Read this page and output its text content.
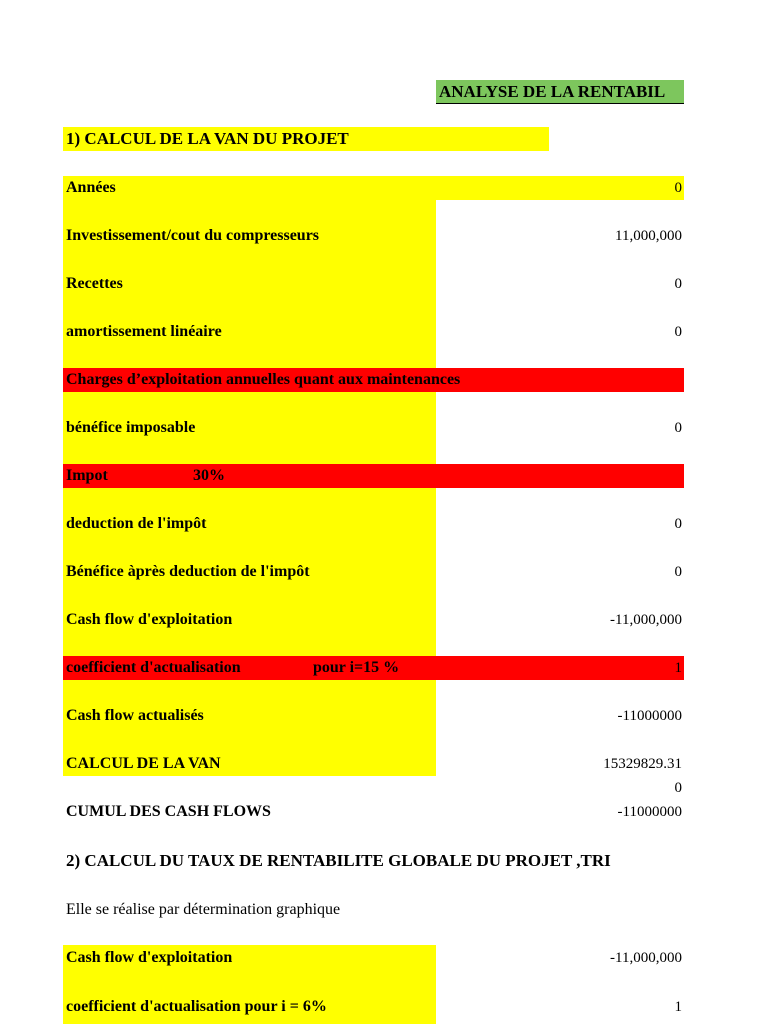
ANALYSE DE LA RENTABIL
1) CALCUL DE LA VAN DU PROJET
Années	0
Investissement/cout du compresseurs	11,000,000
Recettes	0
amortissement linéaire	0
Charges d’exploitation annuelles quant aux maintenances
bénéfice imposable	0
Impot	30%
deduction de l'impôt	0
Bénéfice àprès deduction de l'impôt	0
Cash flow d'exploitation	-11,000,000
coefficient d'actualisation	pour i=15 %	1
Cash flow actualisés	-11000000
CALCUL DE LA VAN	15329829.31
0
CUMUL DES CASH FLOWS	-11000000
2) CALCUL DU TAUX DE RENTABILITE GLOBALE DU PROJET ,TRI
Elle se réalise par détermination graphique
Cash flow d'exploitation	-11,000,000
coefficient d'actualisation pour i = 6%	1
